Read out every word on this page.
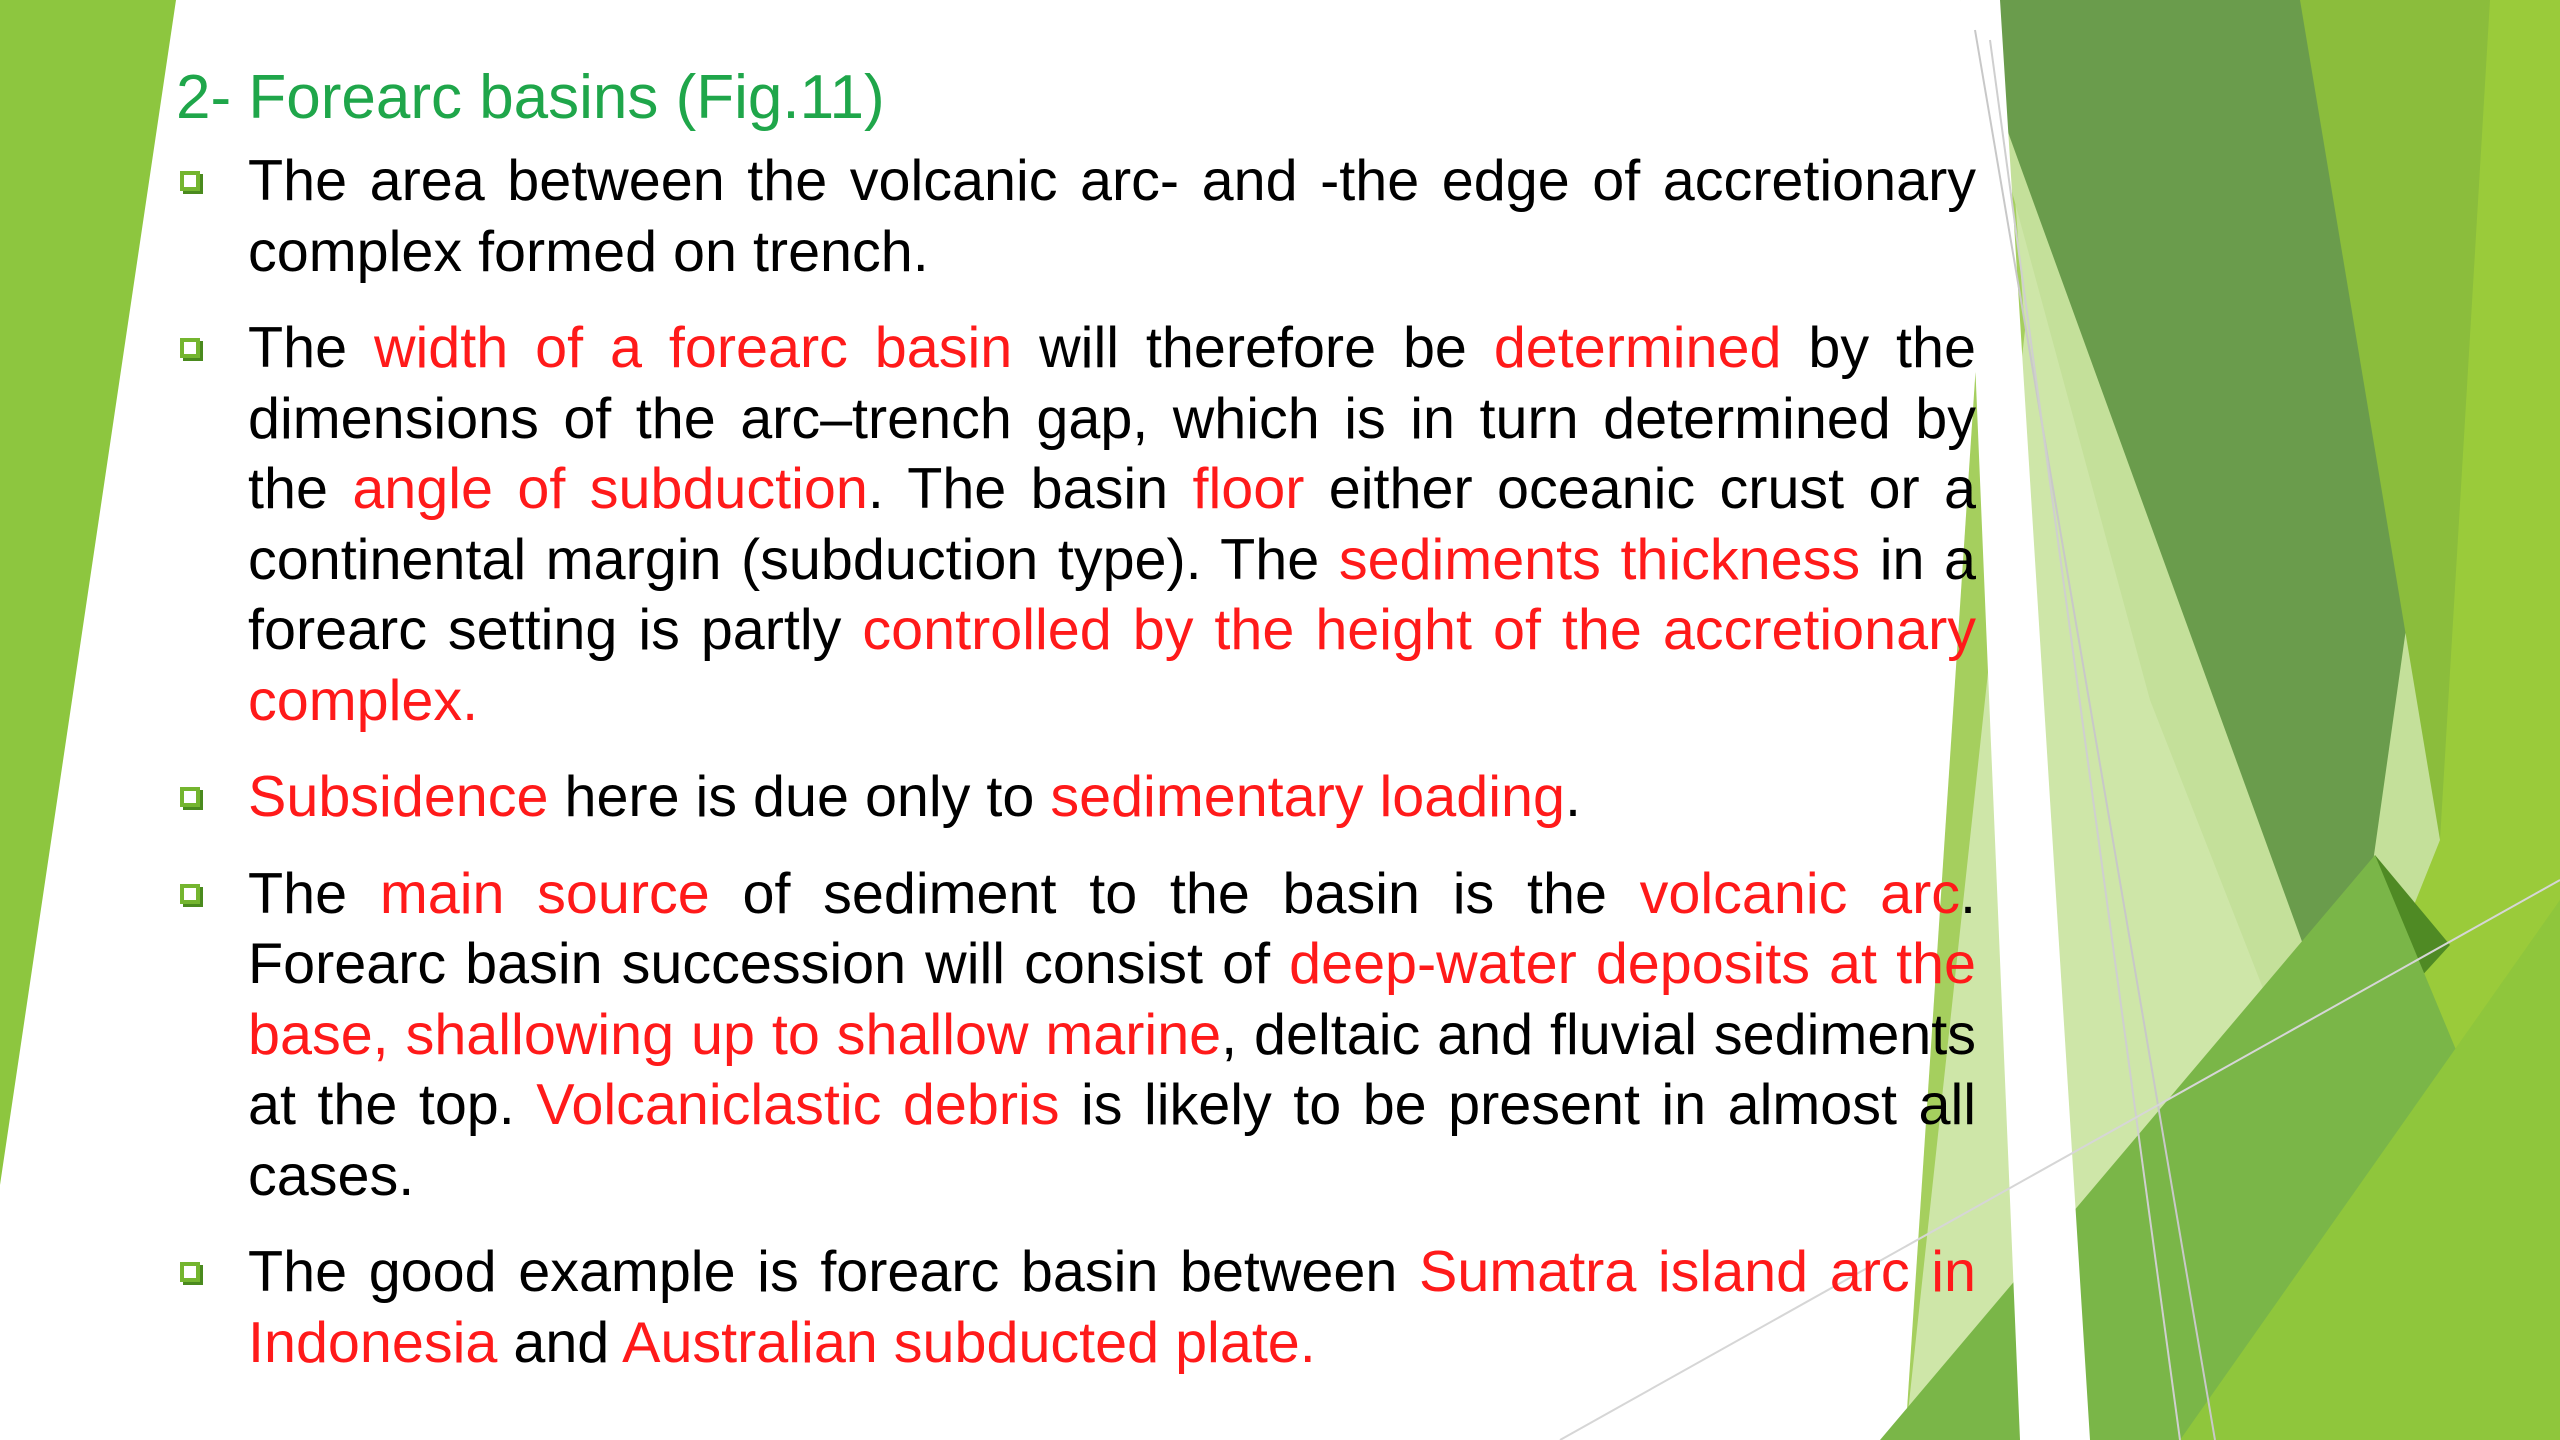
2- Forearc basins (Fig.11)
The area between the volcanic arc- and -the edge of accretionary complex formed on trench.
The width of a forearc basin will therefore be determined by the dimensions of the arc–trench gap, which is in turn determined by the angle of subduction. The basin floor either oceanic crust or a continental margin (subduction type). The sediments thickness in a forearc setting is partly controlled by the height of the accretionary complex.
Subsidence here is due only to sedimentary loading.
The main source of sediment to the basin is the volcanic arc. Forearc basin succession will consist of deep-water deposits at the base, shallowing up to shallow marine, deltaic and fluvial sediments at the top. Volcaniclastic debris is likely to be present in almost all cases.
The good example is forearc basin between Sumatra island arc in Indonesia and Australian subducted plate.
